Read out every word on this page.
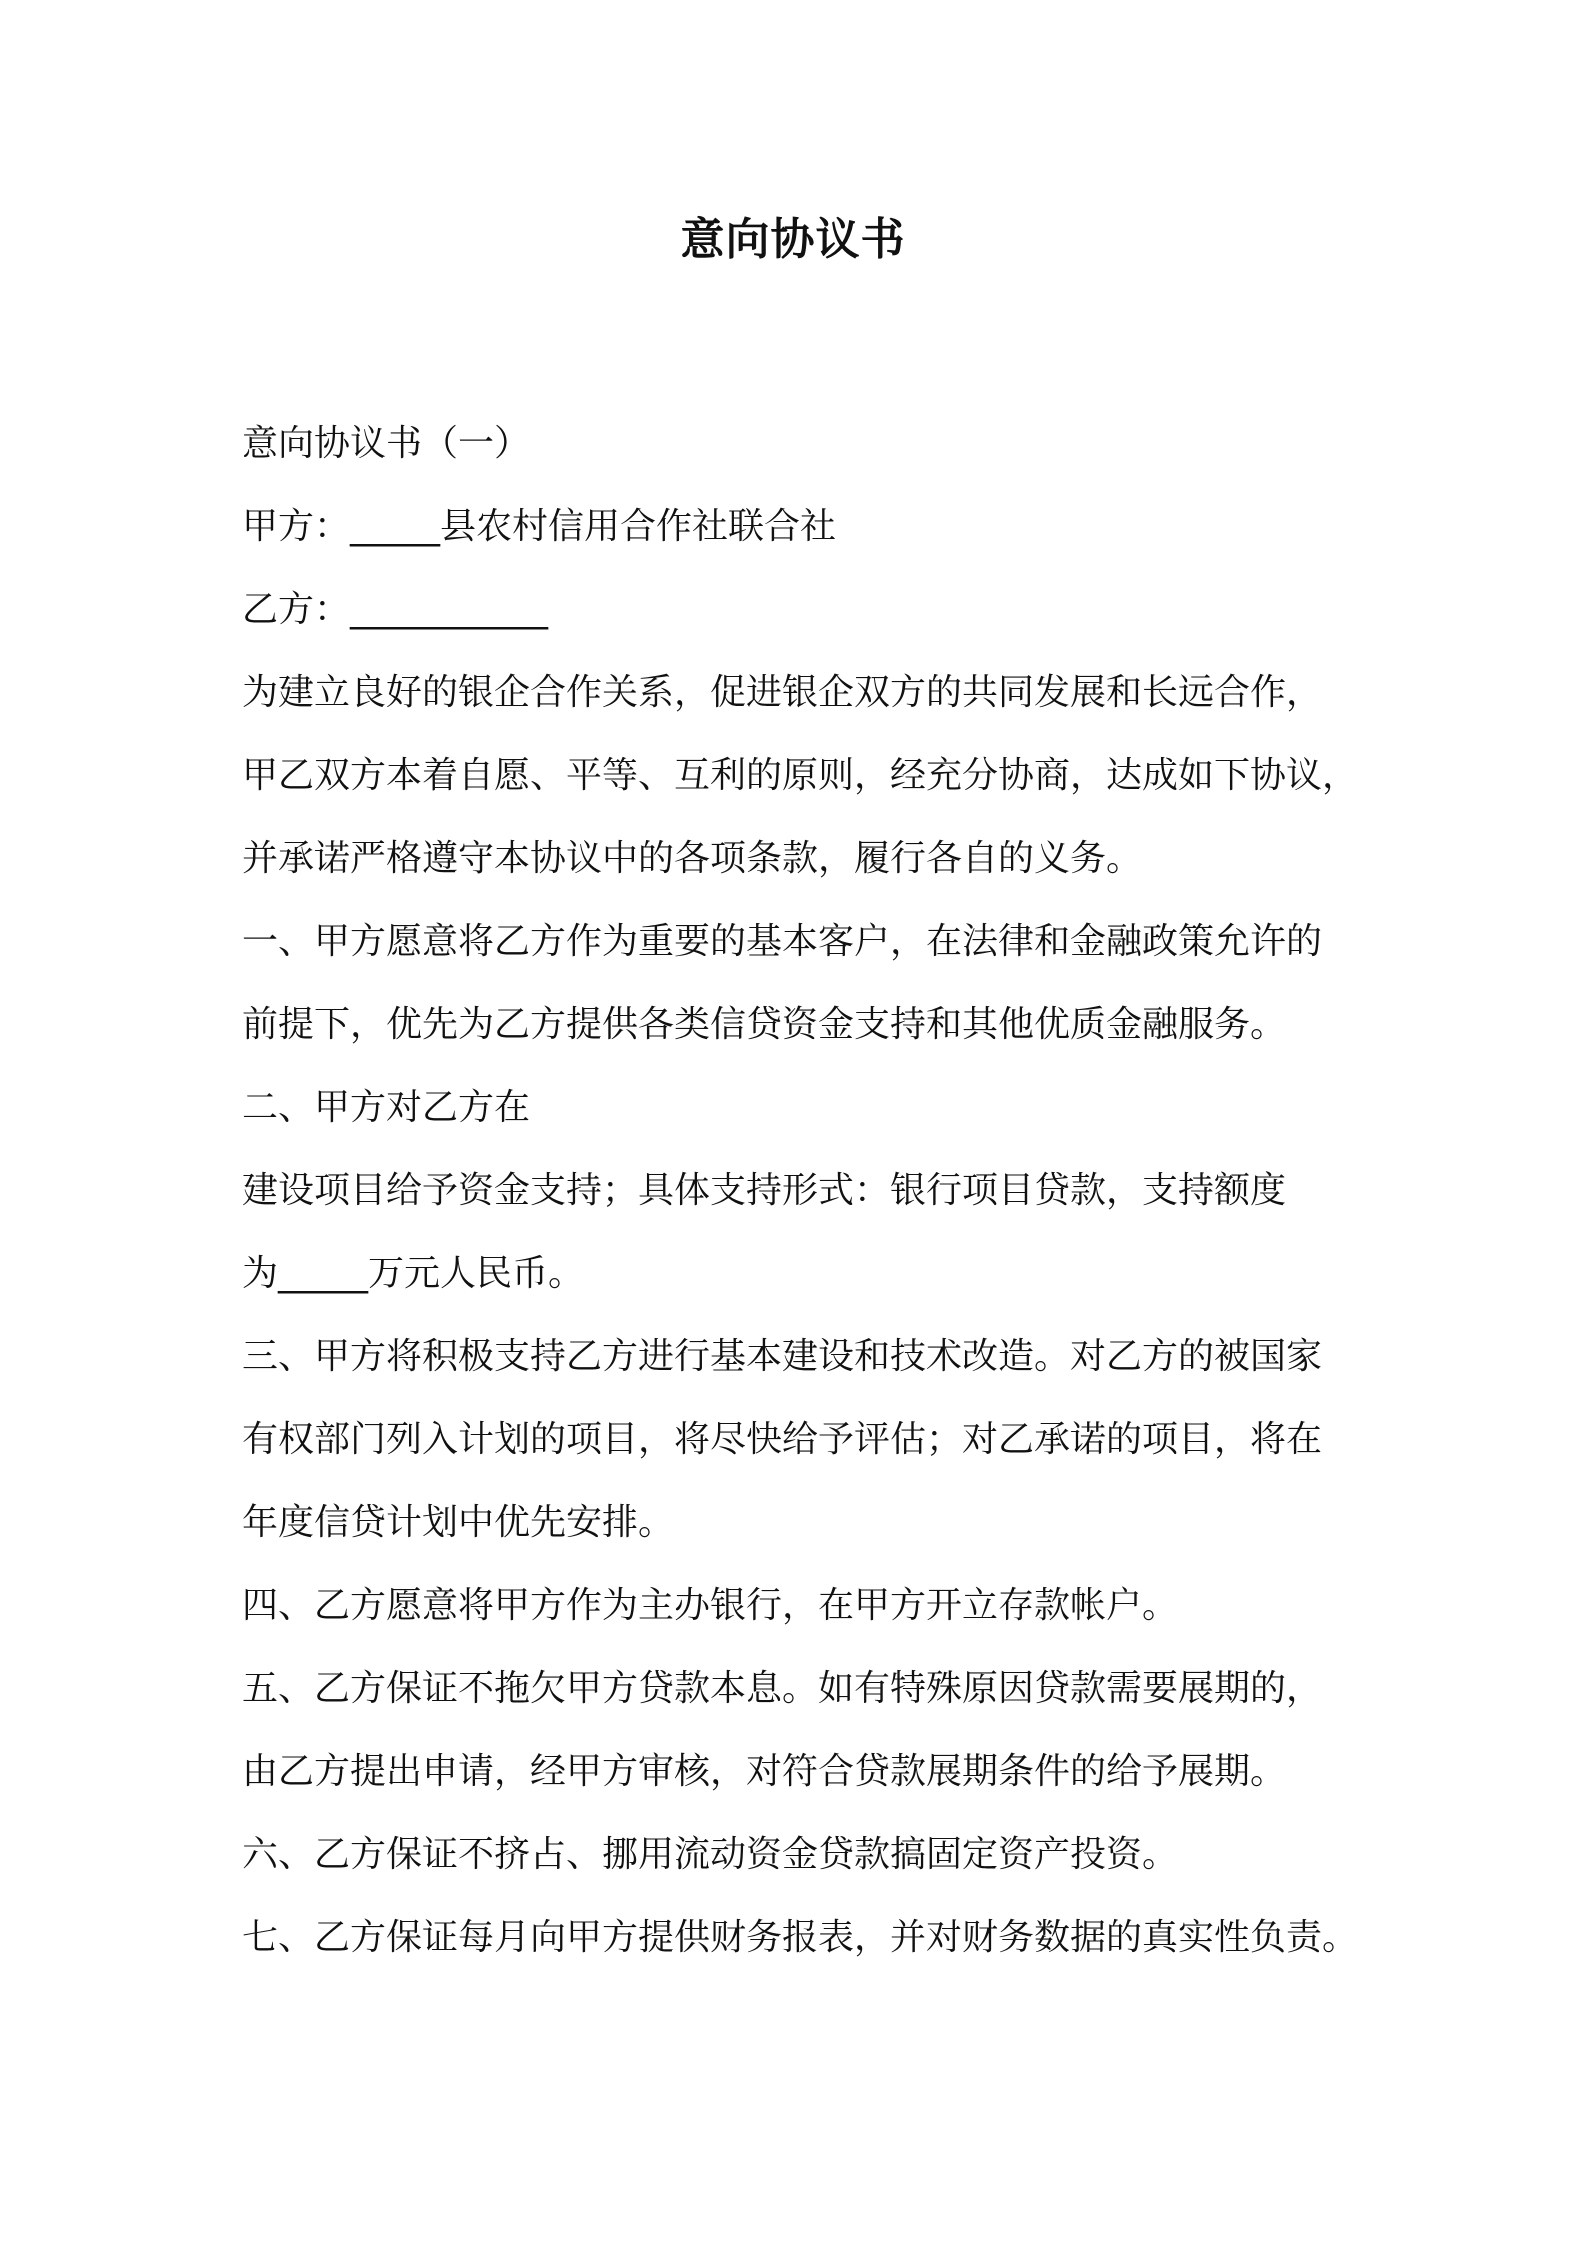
意向协议书
意向协议书（一）
甲方：_____县农村信用合作社联合社
乙方：___________
为建立良好的银企合作关系，促进银企双方的共同发展和长远合作，
甲乙双方本着自愿、平等、互利的原则，经充分协商，达成如下协议，
并承诺严格遵守本协议中的各项条款，履行各自的义务。
一、甲方愿意将乙方作为重要的基本客户，在法律和金融政策允许的
前提下，优先为乙方提供各类信贷资金支持和其他优质金融服务。
二、甲方对乙方在
建设项目给予资金支持；具体支持形式：银行项目贷款，支持额度
为_____万元人民币。
三、甲方将积极支持乙方进行基本建设和技术改造。对乙方的被国家
有权部门列入计划的项目，将尽快给予评估；对乙承诺的项目，将在
年度信贷计划中优先安排。
四、乙方愿意将甲方作为主办银行，在甲方开立存款帐户。
五、乙方保证不拖欠甲方贷款本息。如有特殊原因贷款需要展期的，
由乙方提出申请，经甲方审核，对符合贷款展期条件的给予展期。
六、乙方保证不挤占、挪用流动资金贷款搞固定资产投资。
七、乙方保证每月向甲方提供财务报表，并对财务数据的真实性负责。
